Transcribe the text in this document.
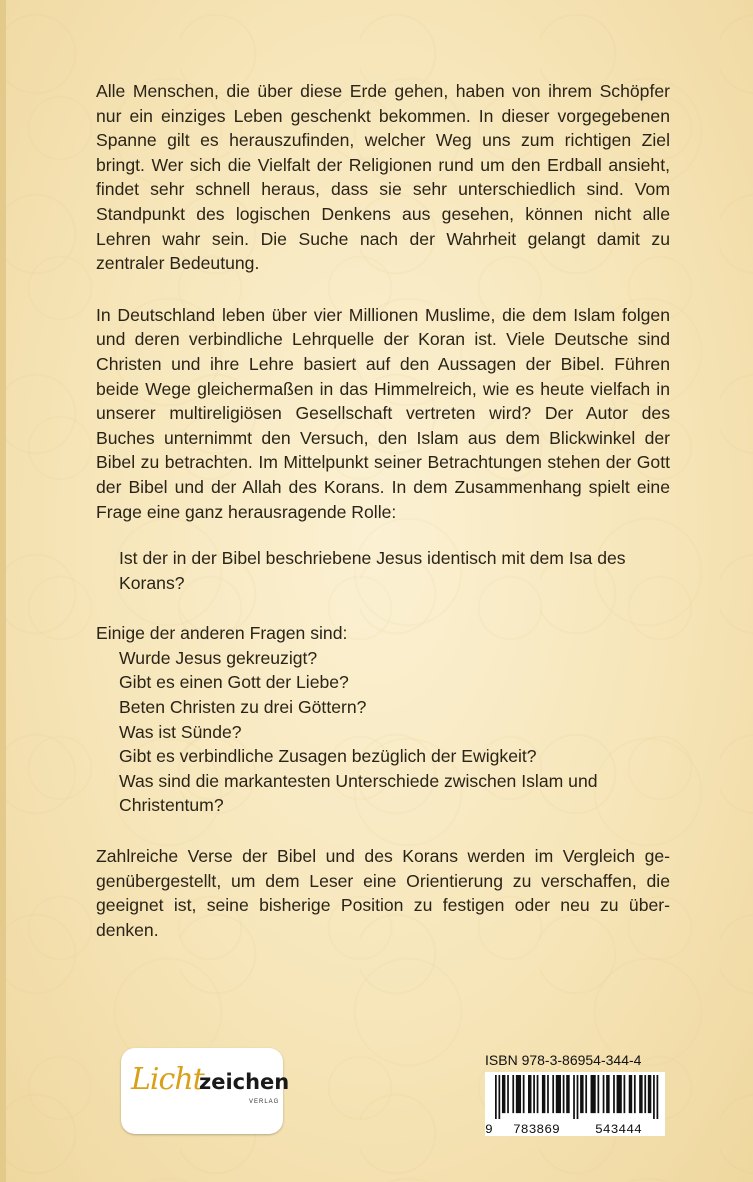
Alle Menschen, die über diese Erde gehen, haben von ihrem Schöpfer nur ein einziges Leben geschenkt bekommen. In dieser vorgegebenen Spanne gilt es herauszufinden, welcher Weg uns zum richtigen Ziel bringt. Wer sich die Vielfalt der Religionen rund um den Erdball ansieht, findet sehr schnell heraus, dass sie sehr unterschiedlich sind. Vom Standpunkt des logischen Denkens aus gesehen, können nicht alle Lehren wahr sein. Die Suche nach der Wahrheit gelangt damit zu zentraler Bedeutung.

In Deutschland leben über vier Millionen Muslime, die dem Islam folgen und deren verbindliche Lehrquelle der Koran ist. Viele Deutsche sind Christen und ihre Lehre basiert auf den Aussagen der Bibel. Führen beide Wege gleichermaßen in das Himmelreich, wie es heute vielfach in unserer multireligiösen Gesellschaft vertreten wird? Der Autor des Buches unternimmt den Versuch, den Islam aus dem Blickwinkel der Bibel zu betrachten. Im Mittelpunkt seiner Betrachtungen stehen der Gott der Bibel und der Allah des Korans. In dem Zusammenhang spielt eine Frage eine ganz herausragende Rolle:

Ist der in der Bibel beschriebene Jesus identisch mit dem Isa des Korans?

Einige der anderen Fragen sind:

Wurde Jesus gekreuzigt?
Gibt es einen Gott der Liebe?
Beten Christen zu drei Göttern?
Was ist Sünde?
Gibt es verbindliche Zusagen bezüglich der Ewigkeit?
Was sind die markantesten Unterschiede zwischen Islam und Christentum?

Zahlreiche Verse der Bibel und des Korans werden im Vergleich gegenübergestellt, um dem Leser eine Orientierung zu verschaffen, die geeignet ist, seine bisherige Position zu festigen oder neu zu überdenken.

Licht
zeichen
VERLAG
ISBN 978-3-86954-344-4
9 783869	543444
